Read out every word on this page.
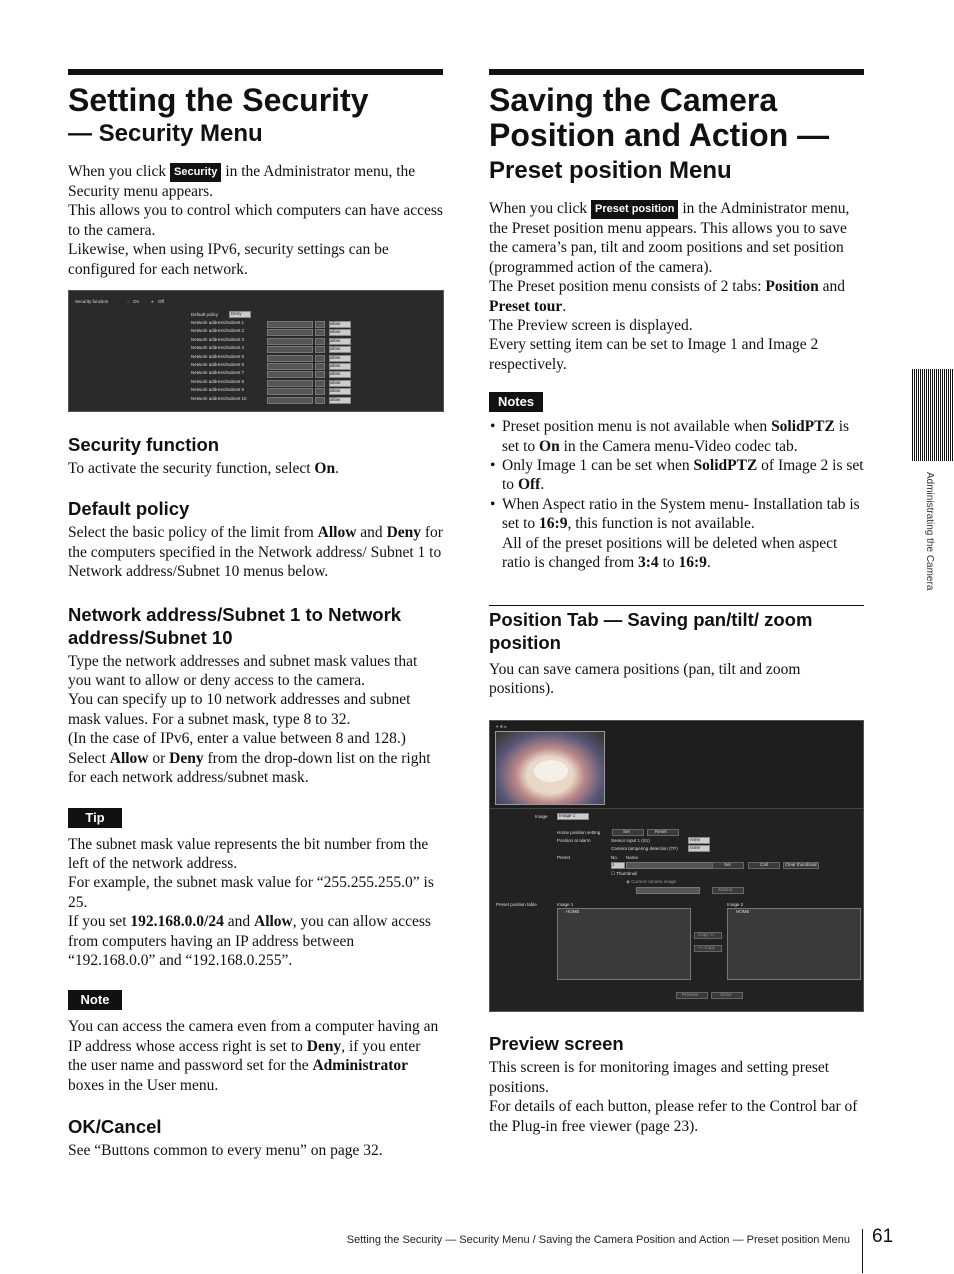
Setting the Security
— Security Menu

When you click Security in the Administrator menu, the Security menu appears.

This allows you to control which computers can have access to the camera.

Likewise, when using IPv6, security settings can be configured for each network.

Security function	○ On	● Off
Default policy	Deny
Network address/Subnet 1	allow
Network address/Subnet 2	allow
Network address/Subnet 3	allow
Network address/Subnet 4	allow
Network address/Subnet 5	allow
Network address/Subnet 6	allow
Network address/Subnet 7	allow
Network address/Subnet 8	allow
Network address/Subnet 9	allow
Network address/Subnet 10	allow
Security function

To activate the security function, select On.

Default policy

Select the basic policy of the limit from Allow and Deny for the computers specified in the Network address/ Subnet 1 to Network address/Subnet 10 menus below.

Network address/Subnet 1 to Network address/Subnet 10

Type the network addresses and subnet mask values that you want to allow or deny access to the camera.

You can specify up to 10 network addresses and subnet mask values. For a subnet mask, type 8 to 32.

(In the case of IPv6, enter a value between 8 and 128.)

Select Allow or Deny from the drop-down list on the right for each network address/subnet mask.

Tip

The subnet mask value represents the bit number from the left of the network address.

For example, the subnet mask value for “255.255.255.0” is 25.

If you set 192.168.0.0/24 and Allow, you can allow access from computers having an IP address between “192.168.0.0” and “192.168.0.255”.

Note

You can access the camera even from a computer having an IP address whose access right is set to Deny, if you enter the user name and password set for the Administrator boxes in the User menu.

OK/Cancel

See “Buttons common to every menu” on page 32.

Saving the Camera
Position and Action —
Preset position Menu

When you click Preset position in the Administrator menu, the Preset position menu appears. This allows you to save the camera’s pan, tilt and zoom positions and set position (programmed action of the camera).

The Preset position menu consists of 2 tabs: Position and Preset tour.

The Preview screen is displayed.

Every setting item can be set to Image 1 and Image 2 respectively.

Notes
• Preset position menu is not available when SolidPTZ is set to On in the Camera menu-Video codec tab.
• Only Image 1 can be set when SolidPTZ of Image 2 is set to Off.
• When Aspect ratio in the System menu- Installation tab is set to 16:9, this function is not available.
All of the preset positions will be deleted when aspect ratio is changed from 3:4 to 16:9.
Position Tab — Saving pan/tilt/ zoom position

You can save camera positions (pan, tilt and zoom positions).

▾ ⊕ ▸
Image	Image 1
Home position setting	Set	Reset
Position at alarm	Sensor input 1 (S1)	none
Camera tampering detection (TP)	none
Preset	No. Name
1	Set	Call	Clear thumbnail
☐ Thumbnail
◉ Current camera image
Submit
Preset position table	Image 1
HOME
Image 2
HOME
Copy >>
<< Copy
Preview	Close
Preview screen

This screen is for monitoring images and setting preset positions.

For details of each button, please refer to the Control bar of the Plug-in free viewer (page 23).

Administrating the Camera
Setting the Security — Security Menu / Saving the Camera Position and Action — Preset position Menu 61
